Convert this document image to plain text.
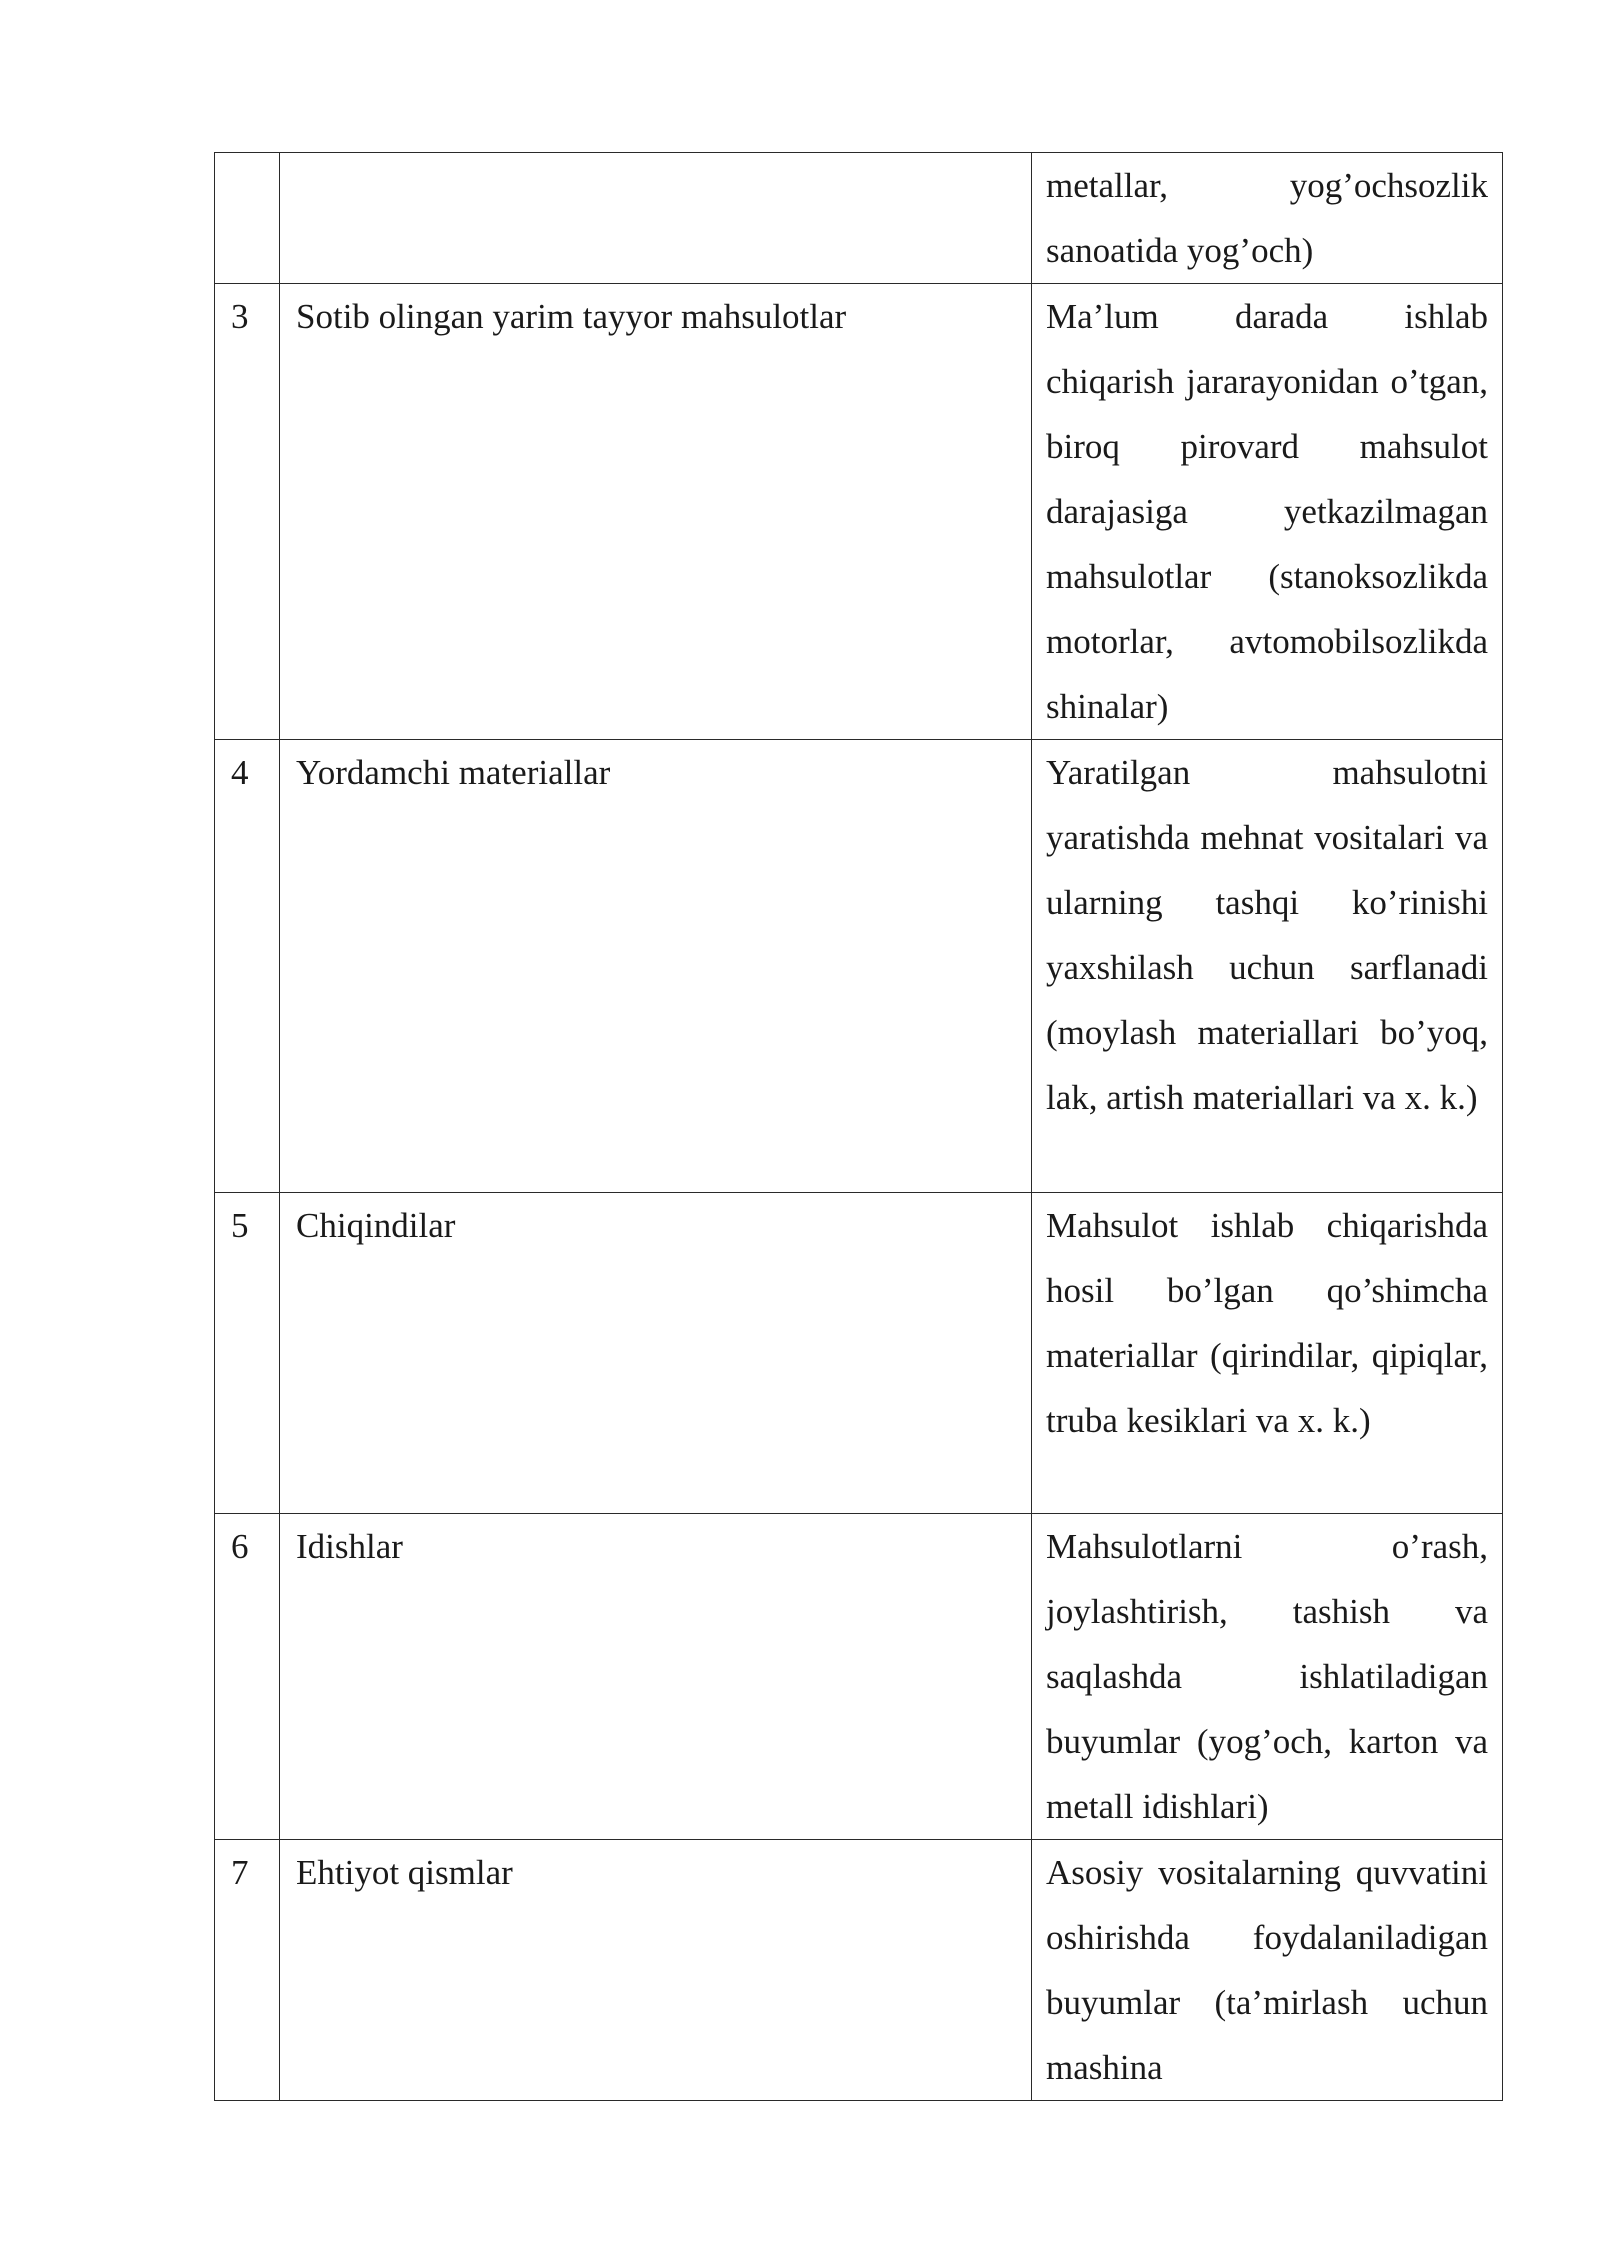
		metallar, yog’ochsozlik sanoatida yog’och)
3	Sotib olingan yarim tayyor mahsulotlar	Ma’lum darada ishlab chiqarish jararayonidan o’tgan, biroq pirovard mahsulot darajasiga yetkazilmagan mahsulotlar (stanoksozlikda motorlar, avtomobilsozlikda shinalar)
4	Yordamchi materiallar	Yaratilgan mahsulotni yaratishda mehnat vositalari va ularning tashqi ko’rinishi yaxshilash uchun sarflanadi (moylash materiallari bo’yoq, lak, artish materiallari va x. k.)
5	Chiqindilar	Mahsulot ishlab chiqarishda hosil bo’lgan qo’shimcha materiallar (qirindilar, qipiqlar, truba kesiklari va x. k.)
6	Idishlar	Mahsulotlarni o’rash, joylashtirish, tashish va saqlashda ishlatiladigan buyumlar (yog’och, karton va metall idishlari)
7	Ehtiyot qismlar	Asosiy vositalarning quvvatini oshirishda foydalaniladigan buyumlar (ta’mirlash uchun mashina
